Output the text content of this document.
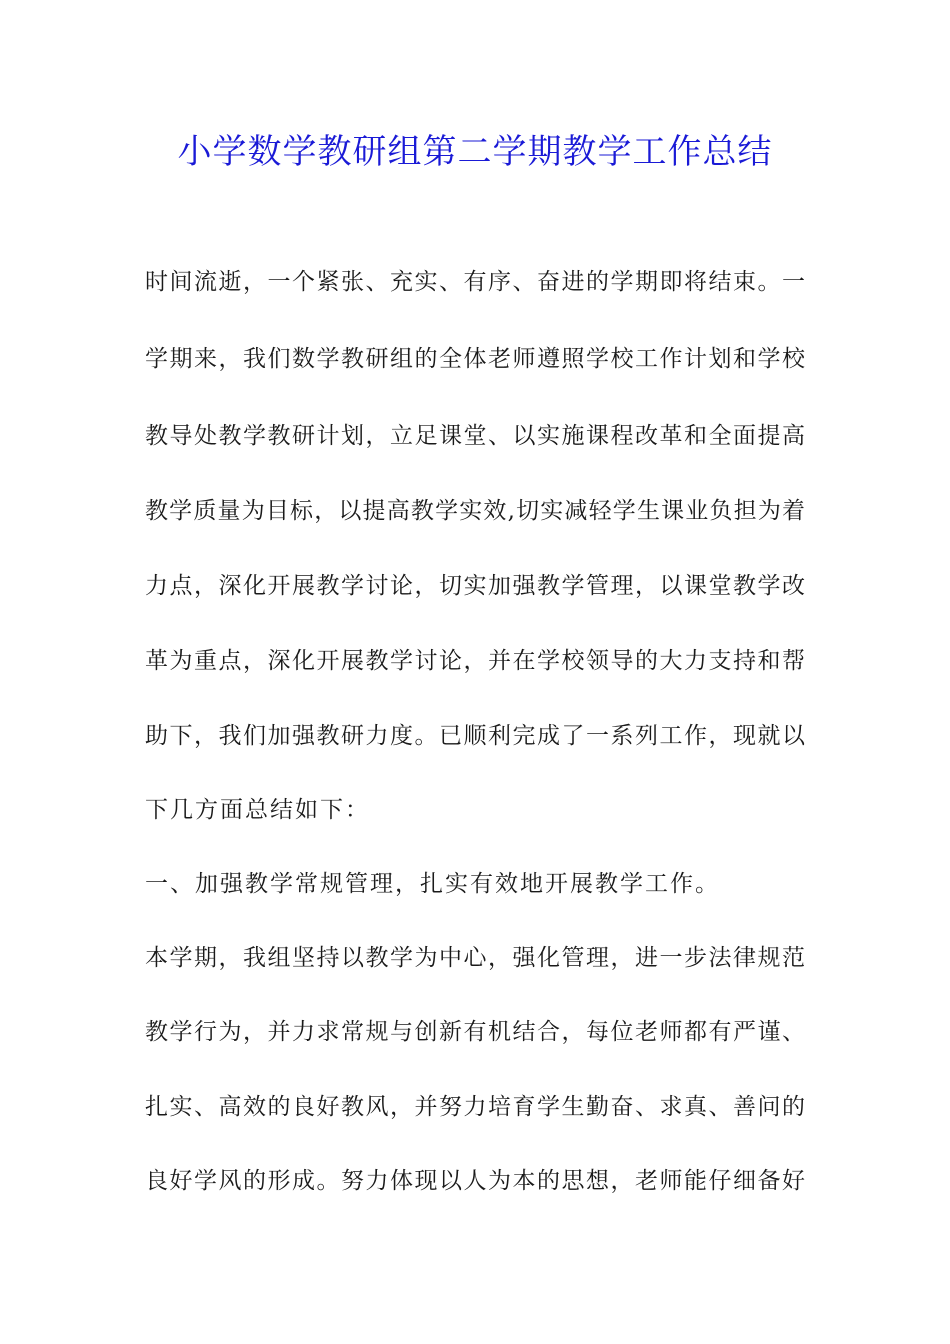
小学数学教研组第二学期教学工作总结

时间流逝，一个紧张、充实、有序、奋进的学期即将结束。一

学期来，我们数学教研组的全体老师遵照学校工作计划和学校

教导处教学教研计划，立足课堂、以实施课程改革和全面提高

教学质量为目标，以提高教学实效,切实减轻学生课业负担为着

力点，深化开展教学讨论，切实加强教学管理，以课堂教学改

革为重点，深化开展教学讨论，并在学校领导的大力支持和帮

助下，我们加强教研力度。已顺利完成了一系列工作，现就以

下几方面总结如下：

一、加强教学常规管理，扎实有效地开展教学工作。

本学期，我组坚持以教学为中心，强化管理，进一步法律规范

教学行为，并力求常规与创新有机结合，每位老师都有严谨、

扎实、高效的良好教风，并努力培育学生勤奋、求真、善问的

良好学风的形成。努力体现以人为本的思想，老师能仔细备好
